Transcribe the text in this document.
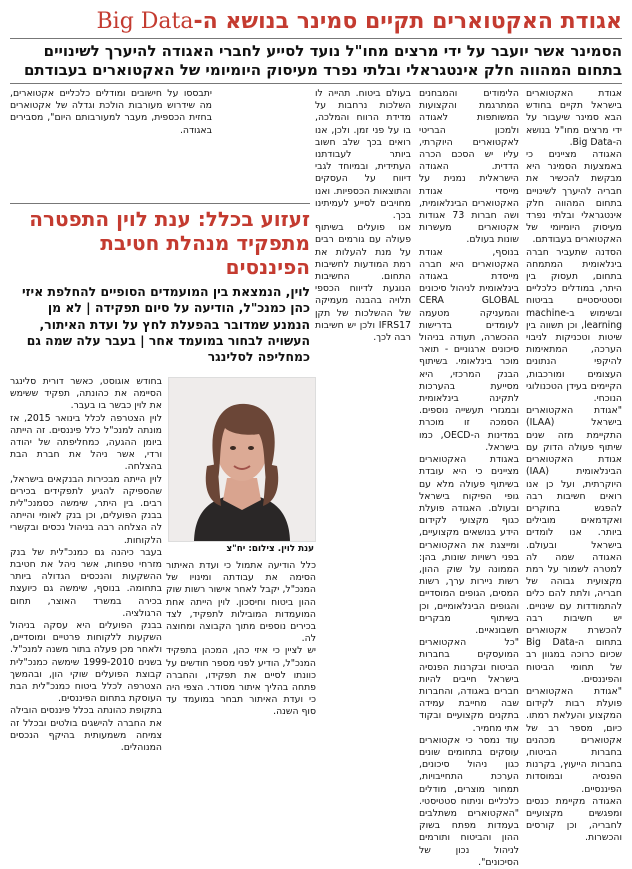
אגודת האקטוארים תקיים סמינר בנושא ה-Big Data
הסמינר אשר יועבר על ידי מרצים מחו"ל נועד לסייע לחברי האגודה להיערך לשינויים בתחום המהווה חלק אינטגראלי ובלתי נפרד מעיסוק היומיומי של האקטוארים בעבודתם

אגודת האקטוארים בישראל תקיים בחודש הבא סמינר שיעבור על ידי מרצים מחו"ל בנושא ה-Big Data.

האגודה מציינים כי באמצעות הסמינר היא מבקשת להכשיר את חבריה להיערך לשינויים בתחום המהווה חלק אינטגראלי ובלתי נפרד מעיסוק היומיומי של האקטוארים בעבודתם.

הסדנה שתעביר חברה בינלאומית המתמחה בתחום, תעסוק בין היתר, במודלים כלכליים וסטטיסטיים בביטוח ובשימוש ב-machine learning, וכן תשווה בין שיטות וטכניקות לניבוי הערכה, המתאימות להיקפי הנתונים העצומים ומורכבות, הקיימים בעידן הטכנולוגי הנוכחי.

"אגודת האקטוארים בישראל (ILAA) התקיימת מזה שנים שיתוף פעולה הדוק עם אגודת האקטוארים הבינלאומית (IAA) היוקרתית, ועל כן אנו רואים חשיבות רבה להפגש בחוקרים ואקדמאים מובילים ביותר. אנו לומדים בישראל ובעולם. האגודה שמה לה למטרה לשמור על רמת מקצועית גבוהה של חבריה, ולתת להם כלים להתמודדות עם שינויים. יש חשיבות רבה להכשרת אקטוארים בתחום ה-Big Data שכיום כרוכה במגוון רב של תחומי הביטוח והפיננסים.

"אגודת האקטוארים פועלת רבות לקידום המקצוע והעלאת רמתו. כיום, מספר רב של אקטוארים מכהנים בחברות הביטוח, בחברות הייעוץ, בקרנות הפנסיה ובמוסדות הפיננסיים.

האגודה מקיימת כנסים ומפגשים מקצועיים לחבריה, וכן קורסים והכשרות.

הלימודים והמבחנים המתרגמת והקצועות המשותפות לאגודה ולמכון הבריטי לאקטוארים היוקרתי, עליו יש הסכם הכרה הדדית. האגודה הישראלית נמנית על מייסדי אגודת האקטוארים הבינלאומית, ושה חברות 73 אגודות אקטוארים מעשרות שונות בעולם.

בנוסף, אגודת האקטוארים היא חברה מייסדת באגודה בינלאומית לניהול סיכונים CERA GLOBAL והמעניקה מטעמה לעומדים בדרישות ההכשרה, תעודה בניהול סיכונים ארגוניים - תואר מוכר בינלאומי. בשיתוף הבנק המרכזי, היא מסייעת בהערכות לתקינה בינלאומית ובמגזרי תעשייה נוספים. הסמכה זו מוכרת במדינות ה-OECD, כמו בישראל.

באגודת האקטוארים מציינים כי היא עובדת בשיתוף פעולה מלא עם גופי הפיקוח בישראל ובעולם. האגודה פועלת כגוף מקצועי לקידום הידע בנושאים מקצועיים, ומייצגת את האקטוארים בפני רשויות שונות, בהן: הממונה על שוק ההון, רשות ניירות ערך, רשות המסים, הגופים המוסדיים והגופים הבינלאומיים, וכן בשיתוף מבקרים חשבונאיים.

"כל האקטוארים המועסקים בחברות הביטוח ובקרנות הפנסיה בישראל חייבים להיות חברים באגודה, והחברות שבה מחייבת עמידה בתקנים מקצועיים ובקוד אתי מחמיר.

עוד נמסר כי אקטוארים עוסקים בתחומים שונים כגון ניהול סיכונים, הערכת התחייבויות, תמחור מוצרים, מודלים כלכליים וניתוח סטטיסטי. "האקטוארים משתלבים בעמדות מפתח בשוק ההון והביטוח ותורמים לניהול נכון של הסיכונים".

בעולם ביטוח. תהייה לו השלכות נרחבות על מדידת הרווח והמלכה, בו על פני זמן. ולכן, אנו רואים בכך שלב חשוב ביותר לעבודתנו העתידית, ובמיוחד לגבי דיווח על העסקים והתוצאות הכספיות. ואנו מחויבים לסייע לעמיתינו בכך.

אנו פועלים בשיתוף פעולה עם גורמים רבים על מנת להעלות את רמת המודעות לחשיבות התחום. החשיבות הנוגעת לדיווח הכספי תלויה בהבנה מעמיקה של ההשלכות של תקן IFRS17 ולכן יש חשיבות רבה לכך.

יתבססו על חישובים ומודלים כלכליים אקטוארים, מה שידרוש מעורבות הולכת וגדלה של אקטוארים בחזית הכספית, מעבר למעורבותם היום", מסבירים באגודה.

זעזוע בכלל: ענת לוין התפטרה מתפקיד מנהלת חטיבת הפיננסים
לוין, הנמצאת בין המועמדים הסופיים להחלפת איזי כהן כמנכ"ל, הודיעה על סיום תפקידה | לא מן הנמנע שמדובר בהפעלת לחץ על ועדת האיתור, העשויה לבחור במועמד אחר | בעבר עלה שמה גם כמחליפה לסלינגר
ענת לוין. צילום: יח"צ

בחודש אוגוסט, כאשר דורית סלינגר הסיימה את כהונתה, תפקיד ששימש את לוין כבשר בו בעבר.

לוין הצטרפה לכלל בינואר 2015, אז מונתה למנכ"ל כלל פיננסים. זה הייתה ביומן ההגעה, כמחליפתה של יהודה ורדי, אשר ניהל את חברת הבת בהצלחה.

לוין הייתה מבכירות הבנקאים בישראל, שהספיקה להגיע לתפקידים בכירים רבים. בין היתר, שימשה כסמנכ"לית בבנק הפועלים, וכן בנק לאומי והייתה לה הצלחה רבה בניהול נכסים ובקשרי הלקוחות.

בעבר כיהנה גם כמנכ"לית של בנק מזרחי טפחות, אשר ניהל את חטיבת ההשקעות והנכסים הגדולה ביותר בתחומה. בנוסף, שימשה גם כיועצת בכירה במשרד האוצר, תחום הרגולציה.

בבנק הפועלים היא עסקה בניהול השקעות ללקוחות פרטיים ומוסדיים, ולאחר מכן פעלה בתור משנה למנכ"ל. בשנים 1999-2010 שימשה כמנכ"לית קבוצת הפועלים שוקי הון, ובהמשך הצטרפה לכלל ביטוח כמנכ"לית הבת העוסקת בתחום הפיננסים.

בתקופת כהונתה בכלל פיננסים הובילה את החברה להישגים בולטים ובכלל זה צמיחה משמעותית בהיקף הנכסים המנוהלים.

כלל הודיעה אתמול כי ועדת האיתור הסימה את עבודתה ומינויו של המנכ"ל, יקבל לאחר אישור רשות שוק ההון ביטוח וחיסכון. לוין הייתה אחת המועמדות המובילות לתפקיד, לצד בכירים נוספים מתוך הקבוצה ומחוצה לה.

יש לציין כי איזי כהן, המכהן בתפקיד המנכ"ל, הודיע לפני מספר חודשים על כוונתו לסיים את תפקידו, והחברה פתחה בהליך איתור מסודר. הצפי היה כי ועדת האיתור תבחר במועמד עד סוף השנה.
